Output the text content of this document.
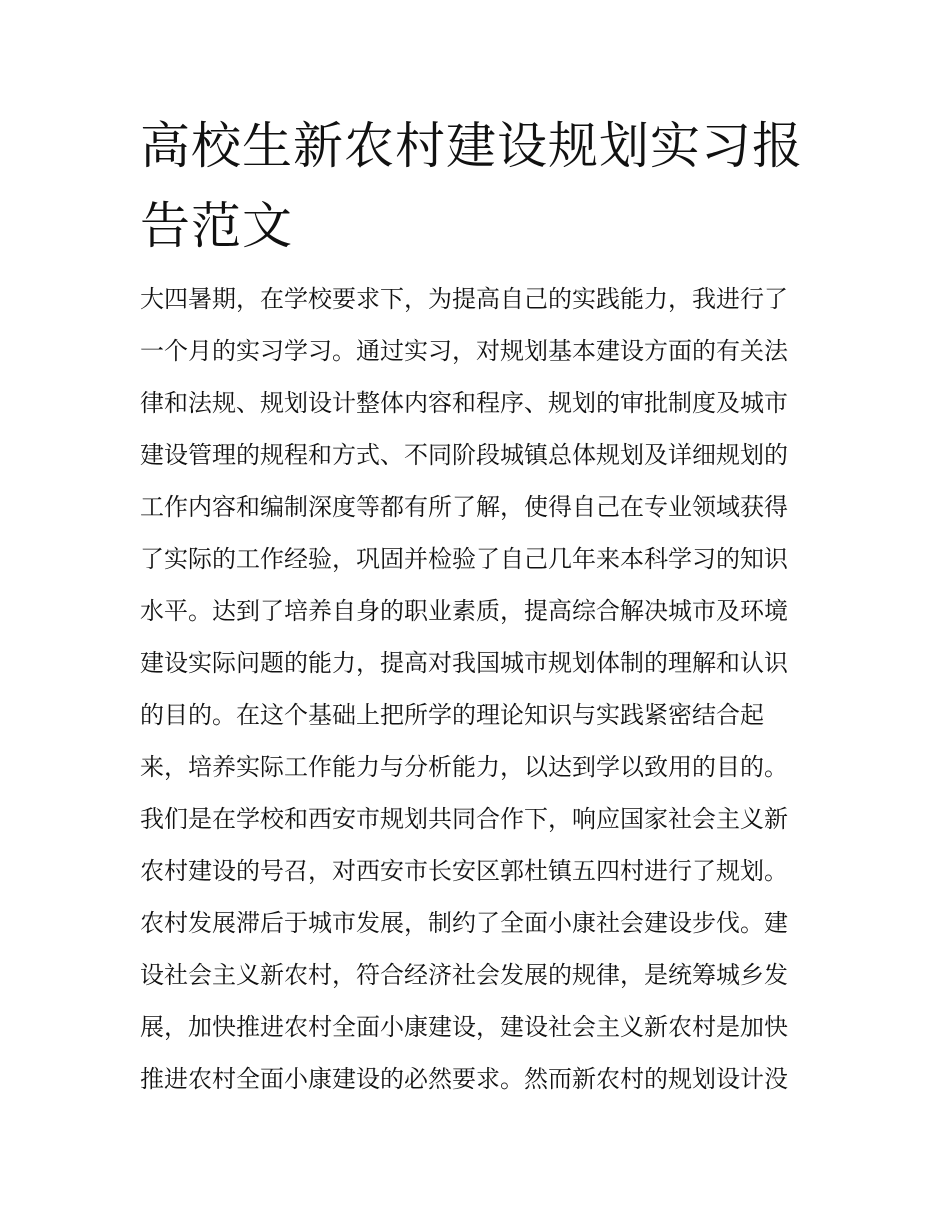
高校生新农村建设规划实习报
告范文
大四暑期，在学校要求下，为提高自己的实践能力，我进行了
一个月的实习学习。通过实习，对规划基本建设方面的有关法
律和法规、规划设计整体内容和程序、规划的审批制度及城市
建设管理的规程和方式、不同阶段城镇总体规划及详细规划的
工作内容和编制深度等都有所了解，使得自己在专业领域获得
了实际的工作经验，巩固并检验了自己几年来本科学习的知识
水平。达到了培养自身的职业素质，提高综合解决城市及环境
建设实际问题的能力，提高对我国城市规划体制的理解和认识
的目的。在这个基础上把所学的理论知识与实践紧密结合起
来，培养实际工作能力与分析能力，以达到学以致用的目的。
我们是在学校和西安市规划共同合作下，响应国家社会主义新
农村建设的号召，对西安市长安区郭杜镇五四村进行了规划。
农村发展滞后于城市发展，制约了全面小康社会建设步伐。建
设社会主义新农村，符合经济社会发展的规律，是统筹城乡发
展，加快推进农村全面小康建设，建设社会主义新农村是加快
推进农村全面小康建设的必然要求。然而新农村的规划设计没
